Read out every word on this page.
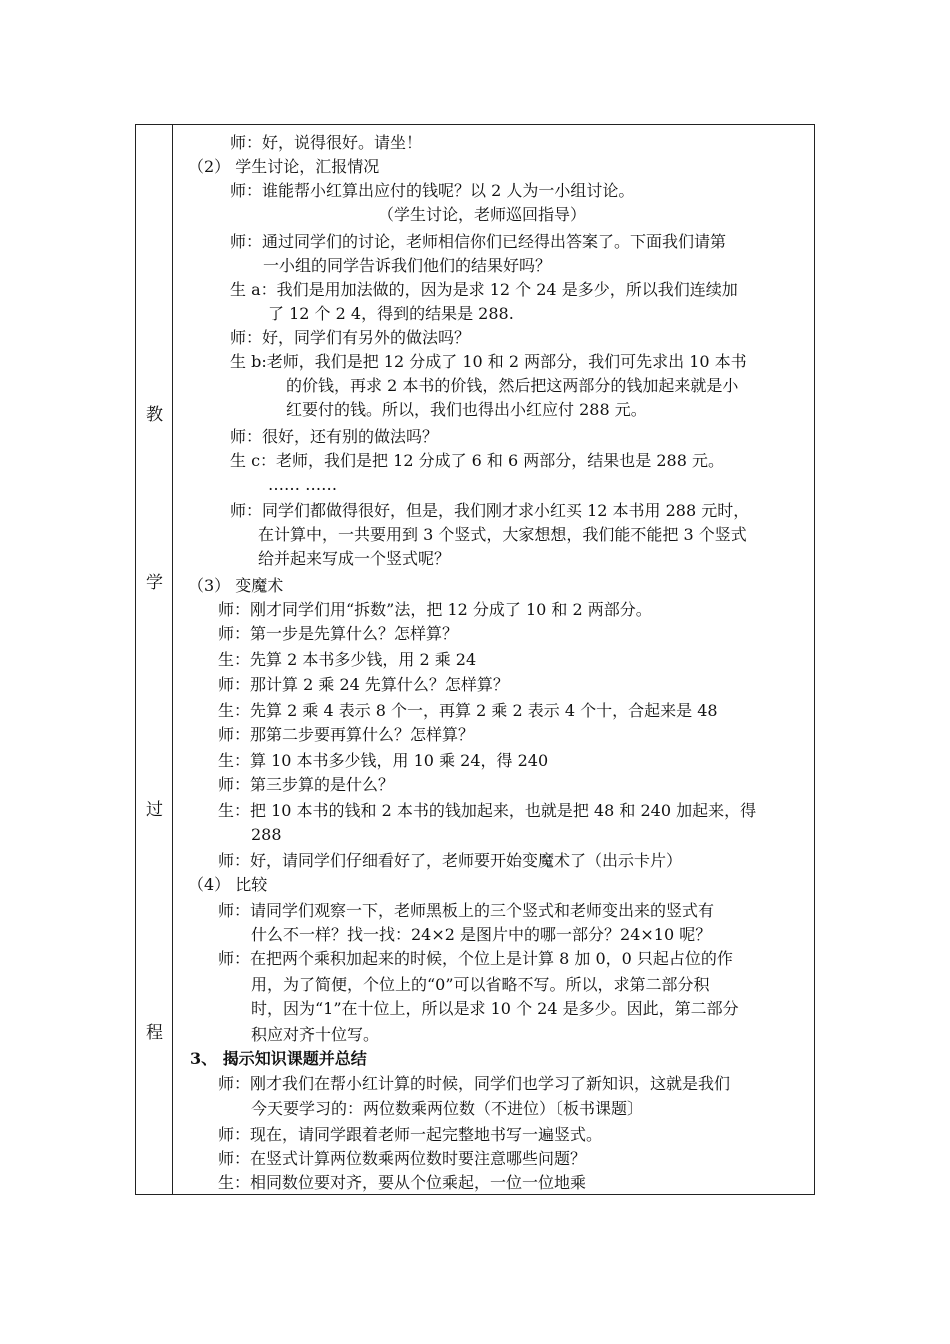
教
学
过
程
师：好，说得很好。请坐！
（2） 学生讨论，汇报情况
师：谁能帮小红算出应付的钱呢？以 2 人为一小组讨论。
（学生讨论，老师巡回指导）
师：通过同学们的讨论，老师相信你们已经得出答案了。下面我们请第
一小组的同学告诉我们他们的结果好吗？
生 a：我们是用加法做的，因为是求 12 个 24 是多少，所以我们连续加
了 12 个 2 4，得到的结果是 288.
师：好，同学们有另外的做法吗？
生 b:老师，我们是把 12 分成了 10 和 2 两部分，我们可先求出 10 本书
的价钱，再求 2 本书的价钱，然后把这两部分的钱加起来就是小
红要付的钱。所以，我们也得出小红应付 288 元。
师：很好，还有别的做法吗？
生 c：老师，我们是把 12 分成了 6 和 6 两部分，结果也是 288 元。
…… ……
师：同学们都做得很好，但是，我们刚才求小红买 12 本书用 288 元时，
在计算中，一共要用到 3 个竖式，大家想想，我们能不能把 3 个竖式
给并起来写成一个竖式呢？
（3） 变魔术
师：刚才同学们用“拆数”法，把 12 分成了 10 和 2 两部分。
师：第一步是先算什么？怎样算？
生：先算 2 本书多少钱，用 2 乘 24
师：那计算 2 乘 24 先算什么？怎样算？
生：先算 2 乘 4 表示 8 个一，再算 2 乘 2 表示 4 个十，合起来是 48
师：那第二步要再算什么？怎样算？
生：算 10 本书多少钱，用 10 乘 24，得 240
师：第三步算的是什么？
生：把 10 本书的钱和 2 本书的钱加起来，也就是把 48 和 240 加起来，得
288
师：好，请同学们仔细看好了，老师要开始变魔术了（出示卡片）
（4） 比较
师：请同学们观察一下，老师黑板上的三个竖式和老师变出来的竖式有
什么不一样？找一找：24×2 是图片中的哪一部分？24×10 呢？
师：在把两个乘积加起来的时候，个位上是计算 8 加 0，0 只起占位的作
用，为了简便，个位上的“0”可以省略不写。所以，求第二部分积
时，因为“1”在十位上，所以是求 10 个 24 是多少。因此，第二部分
积应对齐十位写。
3、 揭示知识课题并总结
师：刚才我们在帮小红计算的时候，同学们也学习了新知识，这就是我们
今天要学习的：两位数乘两位数（不进位）〔板书课题〕
师：现在，请同学跟着老师一起完整地书写一遍竖式。
师：在竖式计算两位数乘两位数时要注意哪些问题？
生：相同数位要对齐，要从个位乘起，一位一位地乘
